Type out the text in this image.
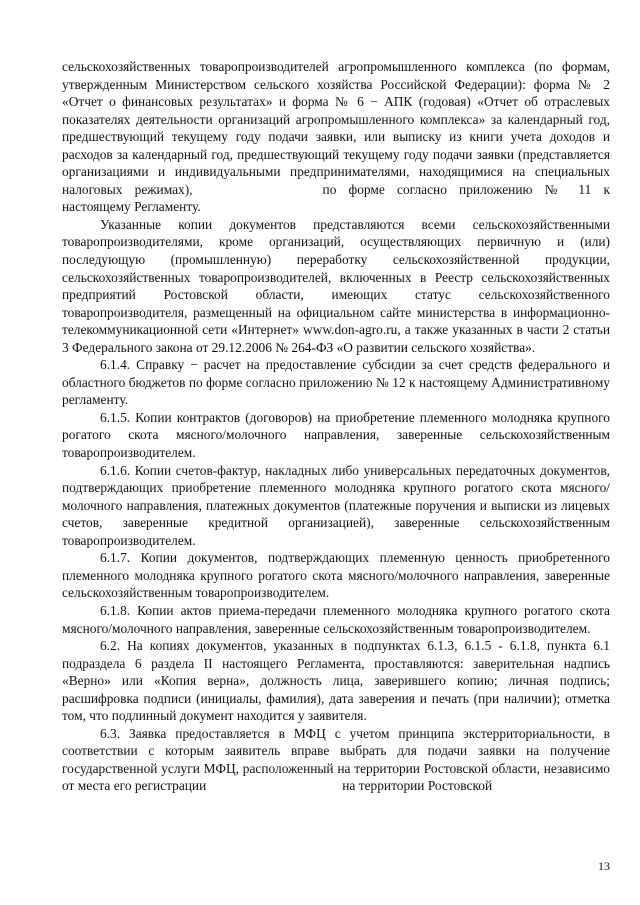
сельскохозяйственных товаропроизводителей агропромышленного комплекса (по формам, утвержденным Министерством сельского хозяйства Российской Федерации): форма № 2 «Отчет о финансовых результатах» и форма № 6 − АПК (годовая) «Отчет об отраслевых показателях деятельности организаций агропромышленного комплекса» за календарный год, предшествующий текущему году подачи заявки, или выписку из книги учета доходов и расходов за календарный год, предшествующий текущему году подачи заявки (представляется организациями и индивидуальными предпринимателями, находящимися на специальных налоговых режимах),	по форме согласно приложению № 11 к настоящему Регламенту.

Указанные копии документов представляются всеми сельскохозяйственными товаропроизводителями, кроме организаций, осуществляющих первичную и (или) последующую (промышленную) переработку сельскохозяйственной продукции, сельскохозяйственных товаропроизводителей, включенных в Реестр сельскохозяйственных предприятий Ростовской области, имеющих статус сельскохозяйственного товаропроизводителя, размещенный на официальном сайте министерства в информационно-телекоммуникационной сети «Интернет» www.don-agro.ru, а также указанных в части 2 статьи 3 Федерального закона от 29.12.2006 № 264-ФЗ «О развитии сельского хозяйства».

6.1.4. Справку − расчет на предоставление субсидии за счет средств федерального и областного бюджетов по форме согласно приложению № 12 к настоящему Административному регламенту.

6.1.5. Копии контрактов (договоров) на приобретение племенного молодняка крупного рогатого скота мясного/молочного направления, заверенные сельскохозяйственным товаропроизводителем.

6.1.6. Копии счетов-фактур, накладных либо универсальных передаточных документов, подтверждающих приобретение племенного молодняка крупного рогатого скота мясного/молочного направления, платежных документов (платежные поручения и выписки из лицевых счетов, заверенные кредитной организацией), заверенные сельскохозяйственным товаропроизводителем.

6.1.7. Копии документов, подтверждающих племенную ценность приобретенного племенного молодняка крупного рогатого скота мясного/молочного направления, заверенные сельскохозяйственным товаропроизводителем.

6.1.8. Копии актов приема-передачи племенного молодняка крупного рогатого скота мясного/молочного направления, заверенные сельскохозяйственным товаропроизводителем.

6.2. На копиях документов, указанных в подпунктах 6.1.3, 6.1.5 - 6.1.8, пункта 6.1 подраздела 6 раздела II настоящего Регламента, проставляются: заверительная надпись «Верно» или «Копия верна», должность лица, заверившего копию; личная подпись; расшифровка подписи (инициалы, фамилия), дата заверения и печать (при наличии); отметка том, что подлинный документ находится у заявителя.

6.3. Заявка предоставляется в МФЦ с учетом принципа экстерриториальности, в соответствии с которым заявитель вправе выбрать для подачи заявки на получение государственной услуги МФЦ, расположенный на территории Ростовской области, независимо от места его регистрации	на территории Ростовской

13
